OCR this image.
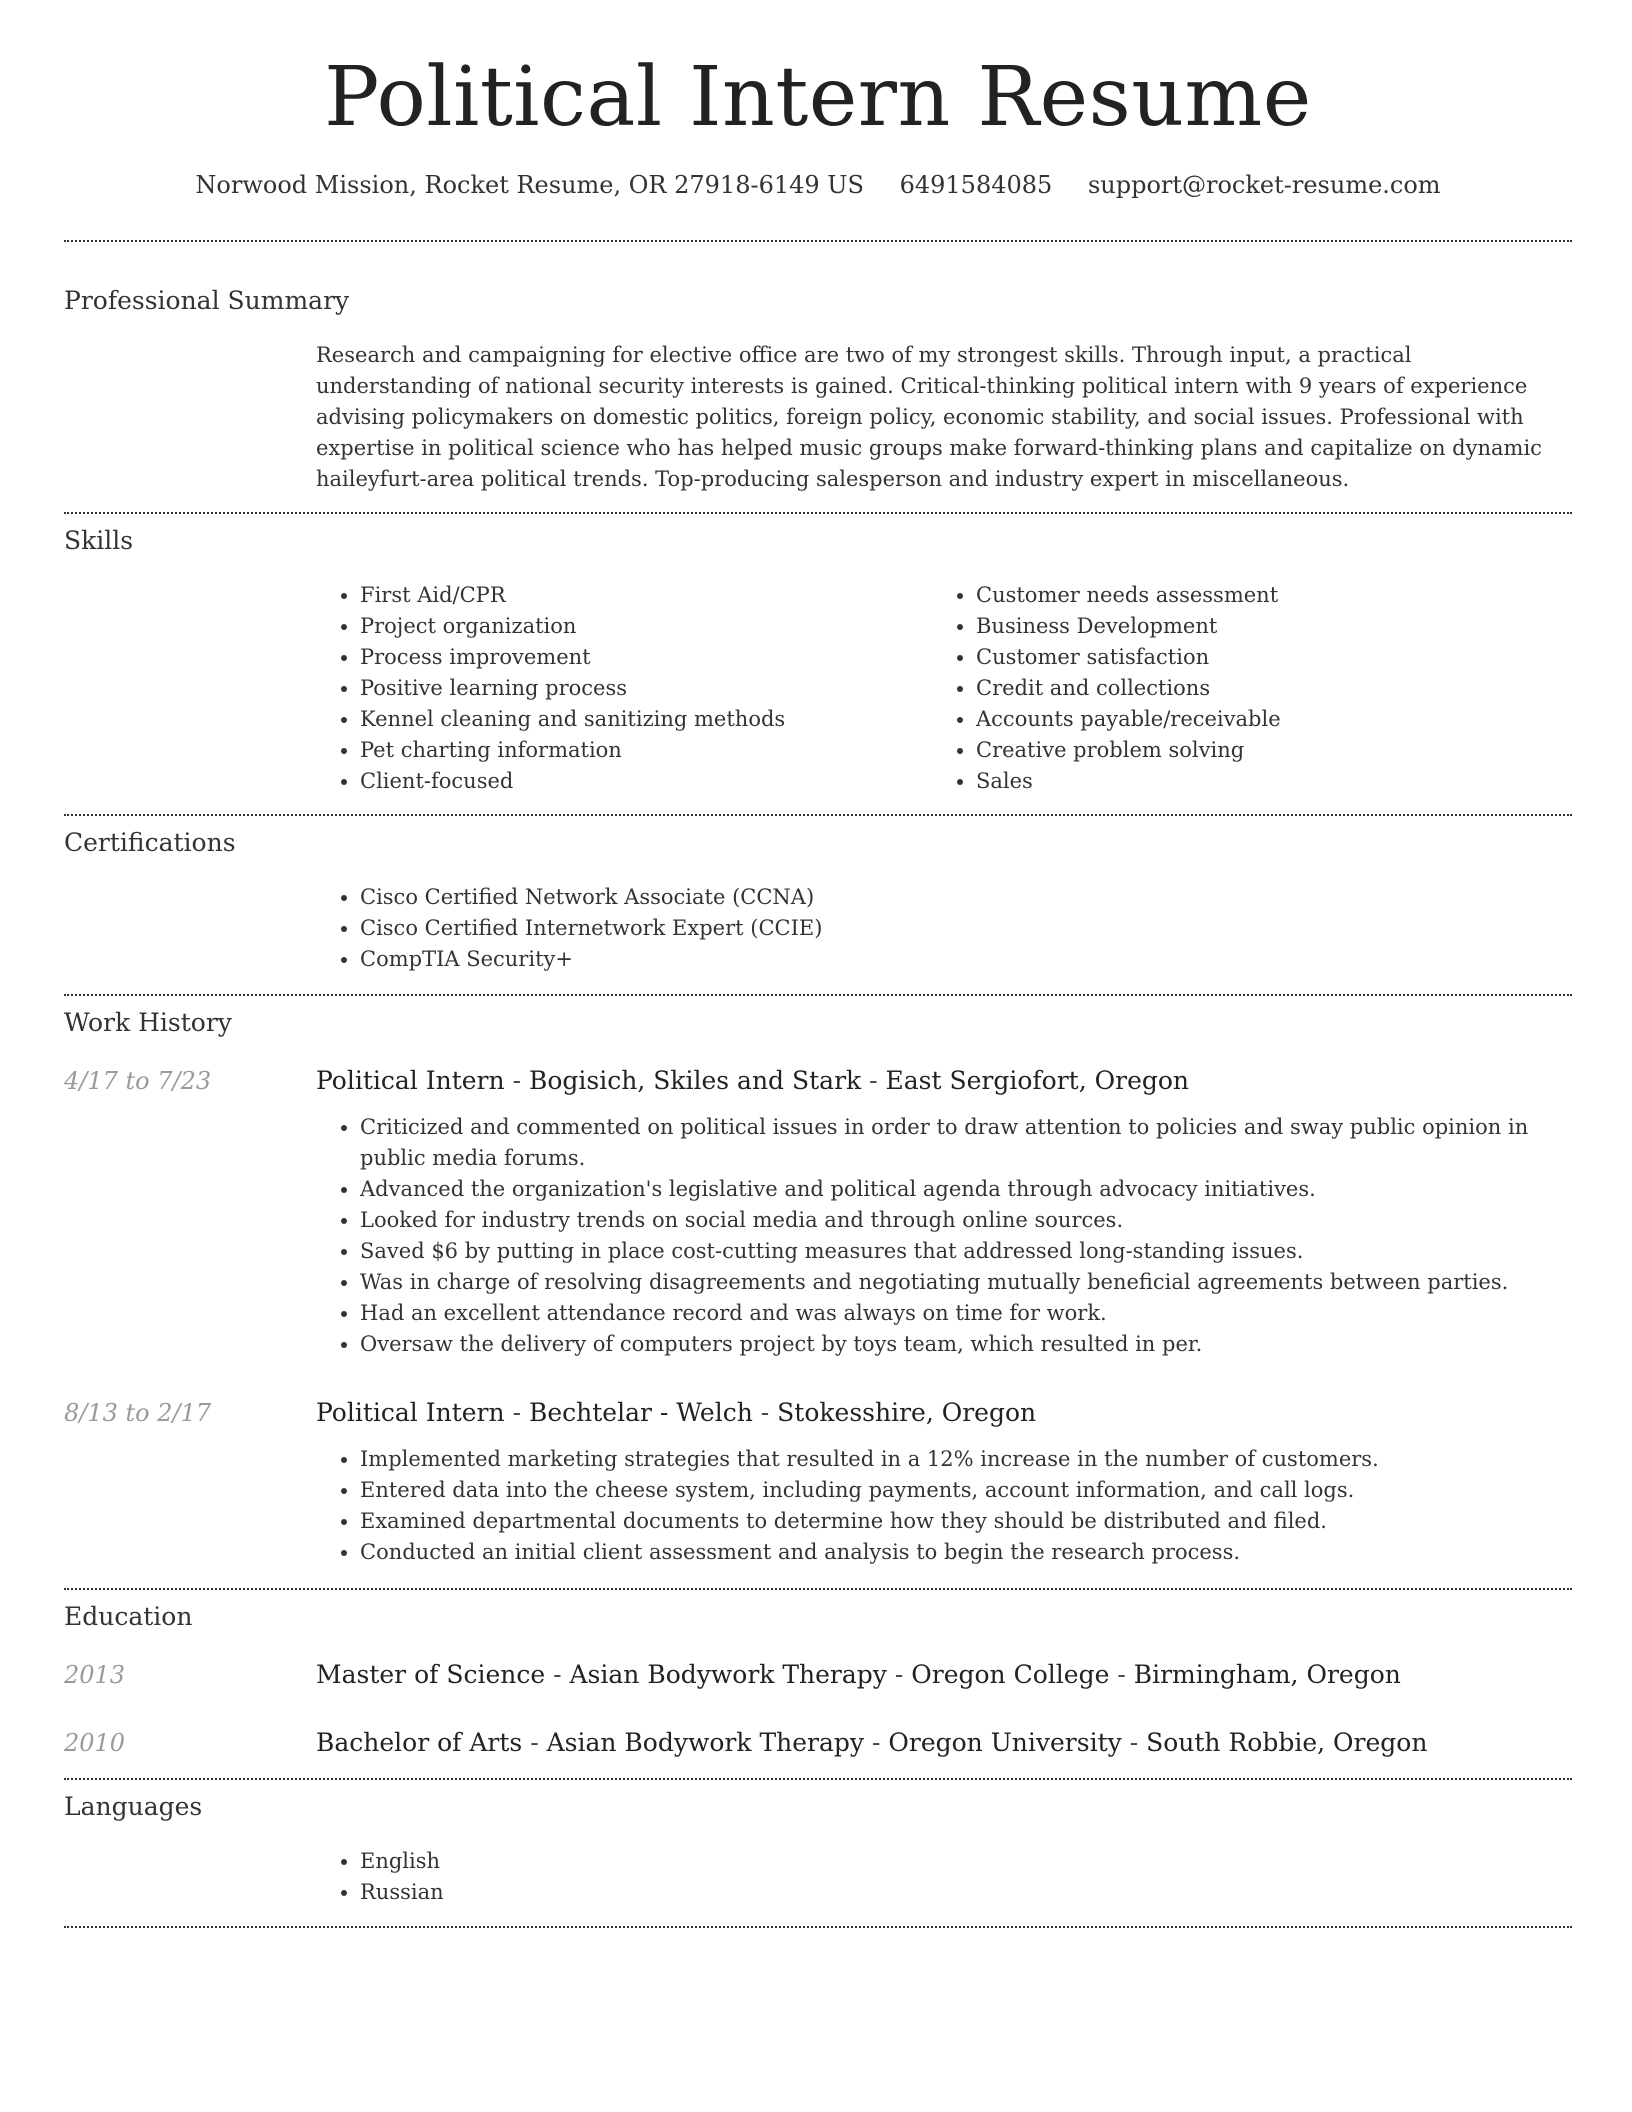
Political Intern Resume
Norwood Mission, Rocket Resume, OR 27918-6149 US 6491584085 support@rocket-resume.com
Professional Summary

Research and campaigning for elective office are two of my strongest skills. Through input, a practical understanding of national security interests is gained. Critical-thinking political intern with 9 years of experience advising policymakers on domestic politics, foreign policy, economic stability, and social issues. Professional with expertise in political science who has helped music groups make forward-thinking plans and capitalize on dynamic haileyfurt-area political trends. Top-producing salesperson and industry expert in miscellaneous.

Skills
• First Aid/CPR
• Project organization
• Process improvement
• Positive learning process
• Kennel cleaning and sanitizing methods
• Pet charting information
• Client-focused
• Customer needs assessment
• Business Development
• Customer satisfaction
• Credit and collections
• Accounts payable/receivable
• Creative problem solving
• Sales
Certifications
• Cisco Certified Network Associate (CCNA)
• Cisco Certified Internetwork Expert (CCIE)
• CompTIA Security+
Work History
4/17 to 7/23	Political Intern - Bogisich, Skiles and Stark - East Sergiofort, Oregon

• Criticized and commented on political issues in order to draw attention to policies and sway public opinion in public media forums.
• Advanced the organization's legislative and political agenda through advocacy initiatives.
• Looked for industry trends on social media and through online sources.
• Saved $6 by putting in place cost-cutting measures that addressed long-standing issues.
• Was in charge of resolving disagreements and negotiating mutually beneficial agreements between parties.
• Had an excellent attendance record and was always on time for work.
• Oversaw the delivery of computers project by toys team, which resulted in per.
8/13 to 2/17	Political Intern - Bechtelar - Welch - Stokesshire, Oregon

• Implemented marketing strategies that resulted in a 12% increase in the number of customers.
• Entered data into the cheese system, including payments, account information, and call logs.
• Examined departmental documents to determine how they should be distributed and filed.
• Conducted an initial client assessment and analysis to begin the research process.
Education
2013	Master of Science - Asian Bodywork Therapy - Oregon College - Birmingham, Oregon
2010	Bachelor of Arts - Asian Bodywork Therapy - Oregon University - South Robbie, Oregon
Languages
• English
• Russian
